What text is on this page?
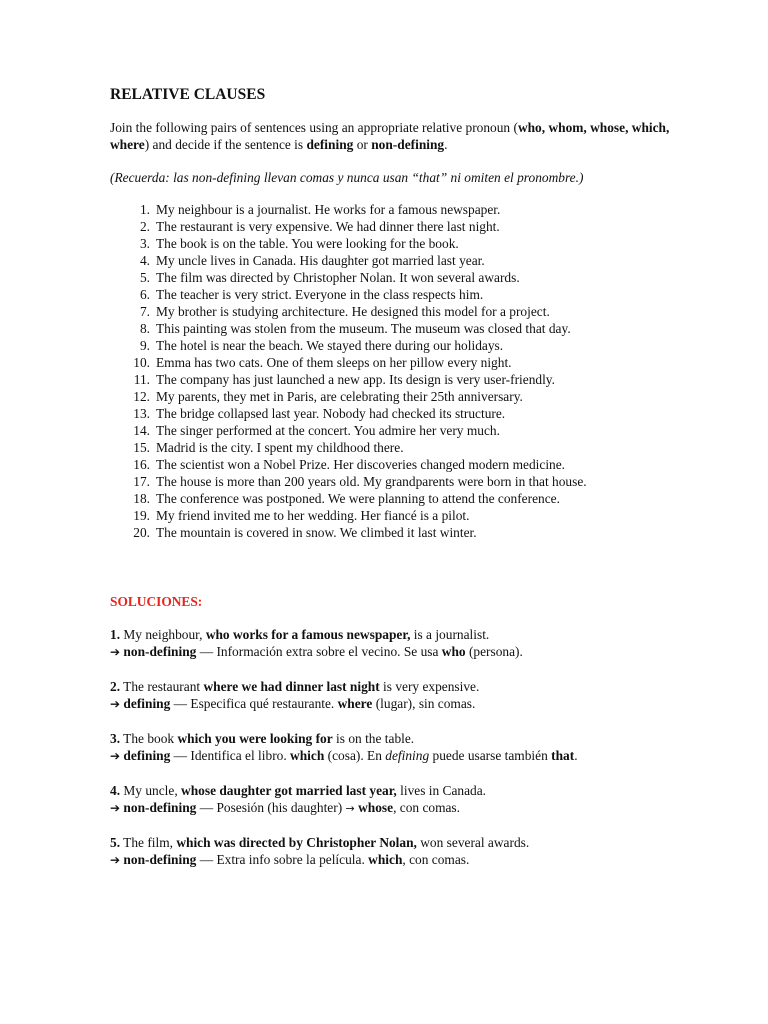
RELATIVE CLAUSES

Join the following pairs of sentences using an appropriate relative pronoun (who, whom, whose, which, where) and decide if the sentence is defining or non-defining.

(Recuerda: las non-defining llevan comas y nunca usan “that” ni omiten el pronombre.)

1. My neighbour is a journalist. He works for a famous newspaper.
2. The restaurant is very expensive. We had dinner there last night.
3. The book is on the table. You were looking for the book.
4. My uncle lives in Canada. His daughter got married last year.
5. The film was directed by Christopher Nolan. It won several awards.
6. The teacher is very strict. Everyone in the class respects him.
7. My brother is studying architecture. He designed this model for a project.
8. This painting was stolen from the museum. The museum was closed that day.
9. The hotel is near the beach. We stayed there during our holidays.
10. Emma has two cats. One of them sleeps on her pillow every night.
11. The company has just launched a new app. Its design is very user-friendly.
12. My parents, they met in Paris, are celebrating their 25th anniversary.
13. The bridge collapsed last year. Nobody had checked its structure.
14. The singer performed at the concert. You admire her very much.
15. Madrid is the city. I spent my childhood there.
16. The scientist won a Nobel Prize. Her discoveries changed modern medicine.
17. The house is more than 200 years old. My grandparents were born in that house.
18. The conference was postponed. We were planning to attend the conference.
19. My friend invited me to her wedding. Her fiancé is a pilot.
20. The mountain is covered in snow. We climbed it last winter.
SOLUCIONES:
1. My neighbour, who works for a famous newspaper, is a journalist.
➔ non-defining — Información extra sobre el vecino. Se usa who (persona).
2. The restaurant where we had dinner last night is very expensive.
➔ defining — Especifica qué restaurante. where (lugar), sin comas.
3. The book which you were looking for is on the table.
➔ defining — Identifica el libro. which (cosa). En defining puede usarse también that.
4. My uncle, whose daughter got married last year, lives in Canada.
➔ non-defining — Posesión (his daughter) → whose, con comas.
5. The film, which was directed by Christopher Nolan, won several awards.
➔ non-defining — Extra info sobre la película. which, con comas.
